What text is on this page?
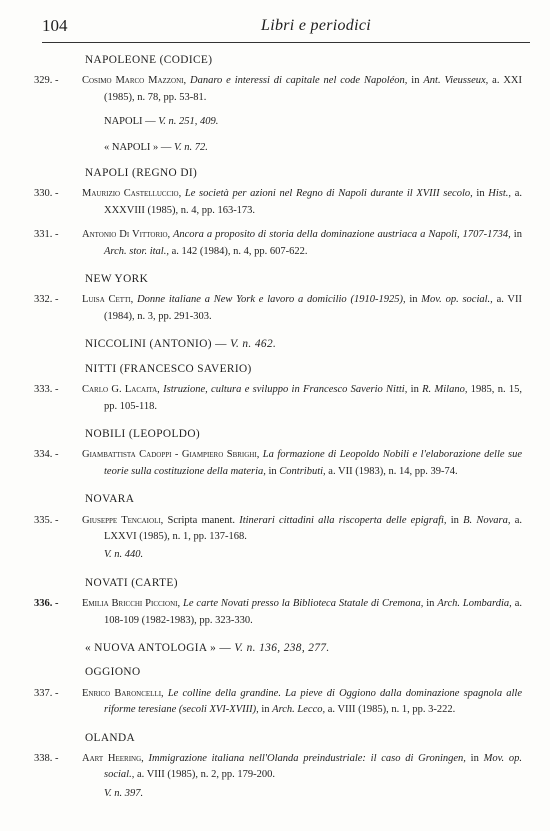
104	Libri e periodici
NAPOLEONE (CODICE)
329. -	Cosimo Marco Mazzoni, Danaro e interessi di capitale nel code Napoléon, in Ant. Vieusseux, a. XXI (1985), n. 78, pp. 53-81.
NAPOLI — V. n. 251, 409.
« NAPOLI » — V. n. 72.
NAPOLI (REGNO DI)
330. -	Maurizio Castelluccio, Le società per azioni nel Regno di Napoli durante il XVIII secolo, in Hist., a. XXXVIII (1985), n. 4, pp. 163-173.
331. -	Antonio Di Vittorio, Ancora a proposito di storia della dominazione austriaca a Napoli, 1707-1734, in Arch. stor. ital., a. 142 (1984), n. 4, pp. 607-622.
NEW YORK
332. -	Luisa Cetti, Donne italiane a New York e lavoro a domicilio (1910-1925), in Mov. op. social., a. VII (1984), n. 3, pp. 291-303.
NICCOLINI (ANTONIO) — V. n. 462.
NITTI (FRANCESCO SAVERIO)
333. -	Carlo G. Lacaita, Istruzione, cultura e sviluppo in Francesco Saverio Nitti, in R. Milano, 1985, n. 15, pp. 105-118.
NOBILI (LEOPOLDO)
334. -	Giambattista Cadoppi - Giampiero Sbrighi, La formazione di Leopoldo Nobili e l'elaborazione delle sue teorie sulla costituzione della materia, in Contributi, a. VII (1983), n. 14, pp. 39-74.
NOVARA
335. -	Giuseppe Tencaioli, Scripta manent. Itinerari cittadini alla riscoperta delle epigrafi, in B. Novara, a. LXXVI (1985), n. 1, pp. 137-168.
V. n. 440.
NOVATI (CARTE)
336. -	Emilia Bricchi Piccioni, Le carte Novati presso la Biblioteca Statale di Cremona, in Arch. Lombardia, a. 108-109 (1982-1983), pp. 323-330.
« NUOVA ANTOLOGIA » — V. n. 136, 238, 277.
OGGIONO
337. -	Enrico Baroncelli, Le colline della grandine. La pieve di Oggiono dalla dominazione spagnola alle riforme teresiane (secoli XVI-XVIII), in Arch. Lecco, a. VIII (1985), n. 1, pp. 3-222.
OLANDA
338. -	Aart Heering, Immigrazione italiana nell'Olanda preindustriale: il caso di Groningen, in Mov. op. social., a. VIII (1985), n. 2, pp. 179-200.
V. n. 397.
